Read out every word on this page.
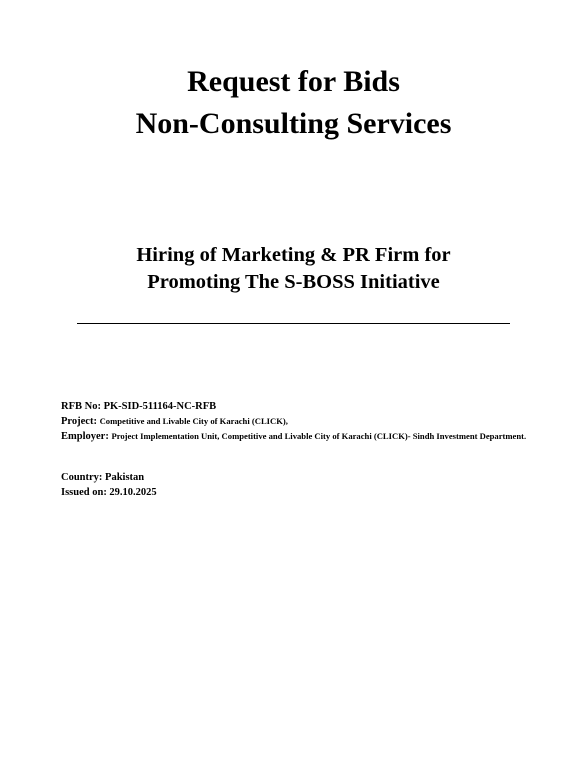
Request for Bids
Non-Consulting Services
Hiring of Marketing & PR Firm for
Promoting The S-BOSS Initiative

RFB No: PK-SID-511164-NC-RFB

Project: Competitive and Livable City of Karachi (CLICK),

Employer: Project Implementation Unit, Competitive and Livable City of Karachi (CLICK)- Sindh Investment Department.

Country: Pakistan

Issued on: 29.10.2025
